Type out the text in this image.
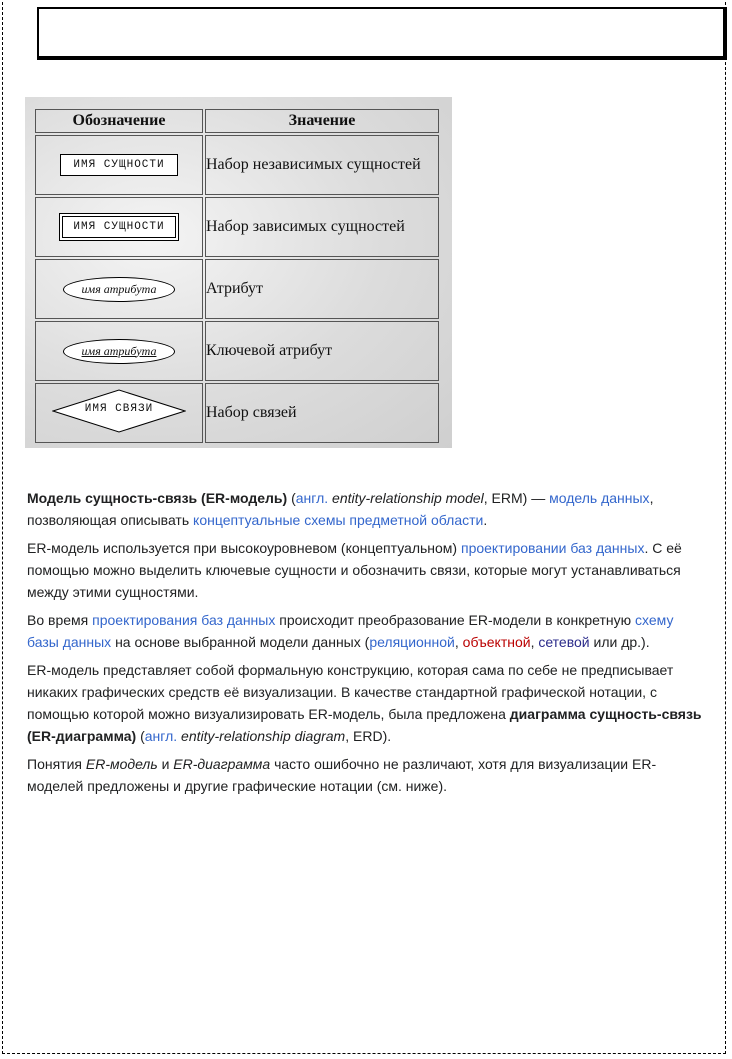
Обозначение	Значение
ИМЯ СУЩНОСТИ	Набор независимых сущностей
ИМЯ СУЩНОСТИ	Набор зависимых сущностей
имя атрибута	Атрибут
имя атрибута	Ключевой атрибут

ИМЯ СВЯЗИ	Набор связей

Модель сущность-связь (ER-модель) (англ. entity-relationship model, ERM) — модель данных, позволяющая описывать концептуальные схемы предметной области.

ER-модель используется при высокоуровневом (концептуальном) проектировании баз данных. С её помощью можно выделить ключевые сущности и обозначить связи, которые могут устанавливаться между этими сущностями.

Во время проектирования баз данных происходит преобразование ER-модели в конкретную схему базы данных на основе выбранной модели данных (реляционной, объектной, сетевой или др.).

ER-модель представляет собой формальную конструкцию, которая сама по себе не предписывает никаких графических средств её визуализации. В качестве стандартной графической нотации, с помощью которой можно визуализировать ER-модель, была предложена диаграмма сущность-связь (ER-диаграмма) (англ. entity-relationship diagram, ERD).

Понятия ER-модель и ER-диаграмма часто ошибочно не различают, хотя для визуализации ER-моделей предложены и другие графические нотации (см. ниже).
